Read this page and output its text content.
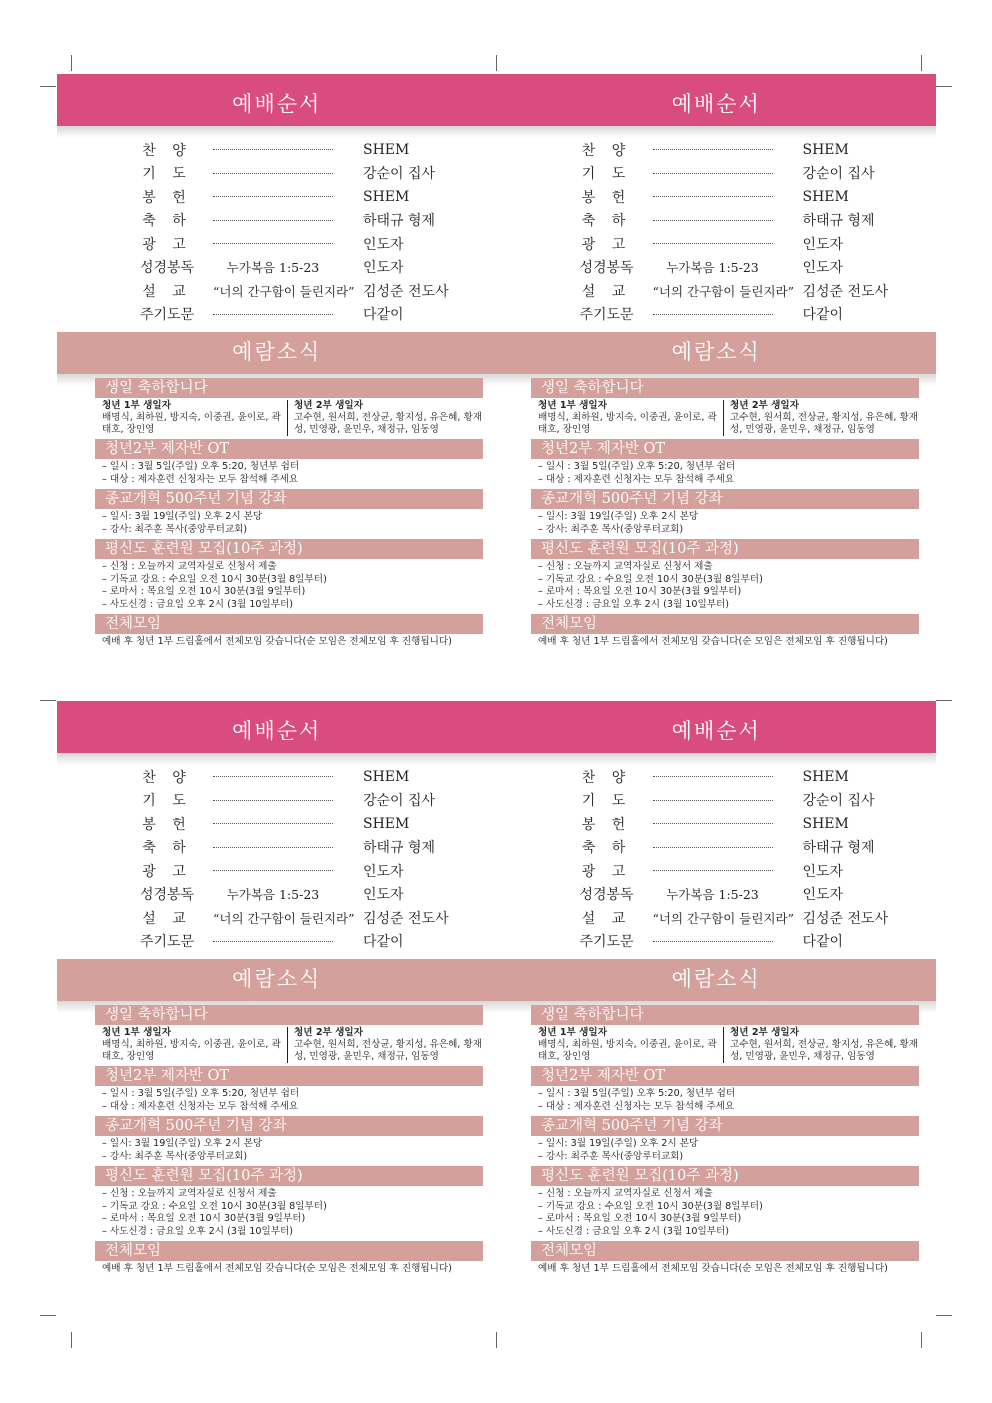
예배순서	예배순서
찬 양	SHEM
기 도	강순이 집사
봉 헌	SHEM
축 하	하태규 형제
광 고	인도자
성경봉독	누가복음 1:5-23	인도자
설 교	“너의 간구함이 들린지라” 김성준 전도사
주기도문	다같이
찬 양	SHEM
기 도	강순이 집사
봉 헌	SHEM
축 하	하태규 형제
광 고	인도자
성경봉독	누가복음 1:5-23	인도자
설 교	“너의 간구함이 들린지라” 김성준 전도사
주기도문	다같이
예람소식	예람소식
생일 축하합니다
청년 1부 생일자
배명식, 최하원, 방지숙, 이중권, 윤이로, 곽태호, 장인영
청년 2부 생일자
고수현, 원서희, 전상균, 황지성, 유은혜, 황재성, 민영광, 윤민우, 채정규, 임동영
청년2부 제자반 OT
– 일시 : 3월 5일(주일) 오후 5:20, 청년부 쉼터
– 대상 : 제자훈련 신청자는 모두 참석해 주세요
종교개혁 500주년 기념 강좌
– 일시: 3월 19일(주일) 오후 2시 본당
– 강사: 최주훈 목사(중앙루터교회)
평신도 훈련원 모집(10주 과정)
– 신청 : 오늘까지 교역자실로 신청서 제출
– 기독교 강요 : 수요일 오전 10시 30분(3월 8일부터)
– 로마서 : 목요일 오전 10시 30분(3월 9일부터)
– 사도신경 : 금요일 오후 2시 (3월 10일부터)
전체모임
예배 후 청년 1부 드림홀에서 전체모임 갖습니다(순 모임은 전체모임 후 진행됩니다)
생일 축하합니다
청년 1부 생일자
배명식, 최하원, 방지숙, 이중권, 윤이로, 곽태호, 장인영
청년 2부 생일자
고수현, 원서희, 전상균, 황지성, 유은혜, 황재성, 민영광, 윤민우, 채정규, 임동영
청년2부 제자반 OT
– 일시 : 3월 5일(주일) 오후 5:20, 청년부 쉼터
– 대상 : 제자훈련 신청자는 모두 참석해 주세요
종교개혁 500주년 기념 강좌
– 일시: 3월 19일(주일) 오후 2시 본당
– 강사: 최주훈 목사(중앙루터교회)
평신도 훈련원 모집(10주 과정)
– 신청 : 오늘까지 교역자실로 신청서 제출
– 기독교 강요 : 수요일 오전 10시 30분(3월 8일부터)
– 로마서 : 목요일 오전 10시 30분(3월 9일부터)
– 사도신경 : 금요일 오후 2시 (3월 10일부터)
전체모임
예배 후 청년 1부 드림홀에서 전체모임 갖습니다(순 모임은 전체모임 후 진행됩니다)
예배순서	예배순서
찬 양	SHEM
기 도	강순이 집사
봉 헌	SHEM
축 하	하태규 형제
광 고	인도자
성경봉독	누가복음 1:5-23	인도자
설 교	“너의 간구함이 들린지라” 김성준 전도사
주기도문	다같이
찬 양	SHEM
기 도	강순이 집사
봉 헌	SHEM
축 하	하태규 형제
광 고	인도자
성경봉독	누가복음 1:5-23	인도자
설 교	“너의 간구함이 들린지라” 김성준 전도사
주기도문	다같이
예람소식	예람소식
생일 축하합니다
청년 1부 생일자
배명식, 최하원, 방지숙, 이중권, 윤이로, 곽태호, 장인영
청년 2부 생일자
고수현, 원서희, 전상균, 황지성, 유은혜, 황재성, 민영광, 윤민우, 채정규, 임동영
청년2부 제자반 OT
– 일시 : 3월 5일(주일) 오후 5:20, 청년부 쉼터
– 대상 : 제자훈련 신청자는 모두 참석해 주세요
종교개혁 500주년 기념 강좌
– 일시: 3월 19일(주일) 오후 2시 본당
– 강사: 최주훈 목사(중앙루터교회)
평신도 훈련원 모집(10주 과정)
– 신청 : 오늘까지 교역자실로 신청서 제출
– 기독교 강요 : 수요일 오전 10시 30분(3월 8일부터)
– 로마서 : 목요일 오전 10시 30분(3월 9일부터)
– 사도신경 : 금요일 오후 2시 (3월 10일부터)
전체모임
예배 후 청년 1부 드림홀에서 전체모임 갖습니다(순 모임은 전체모임 후 진행됩니다)
생일 축하합니다
청년 1부 생일자
배명식, 최하원, 방지숙, 이중권, 윤이로, 곽태호, 장인영
청년 2부 생일자
고수현, 원서희, 전상균, 황지성, 유은혜, 황재성, 민영광, 윤민우, 채정규, 임동영
청년2부 제자반 OT
– 일시 : 3월 5일(주일) 오후 5:20, 청년부 쉼터
– 대상 : 제자훈련 신청자는 모두 참석해 주세요
종교개혁 500주년 기념 강좌
– 일시: 3월 19일(주일) 오후 2시 본당
– 강사: 최주훈 목사(중앙루터교회)
평신도 훈련원 모집(10주 과정)
– 신청 : 오늘까지 교역자실로 신청서 제출
– 기독교 강요 : 수요일 오전 10시 30분(3월 8일부터)
– 로마서 : 목요일 오전 10시 30분(3월 9일부터)
– 사도신경 : 금요일 오후 2시 (3월 10일부터)
전체모임
예배 후 청년 1부 드림홀에서 전체모임 갖습니다(순 모임은 전체모임 후 진행됩니다)
